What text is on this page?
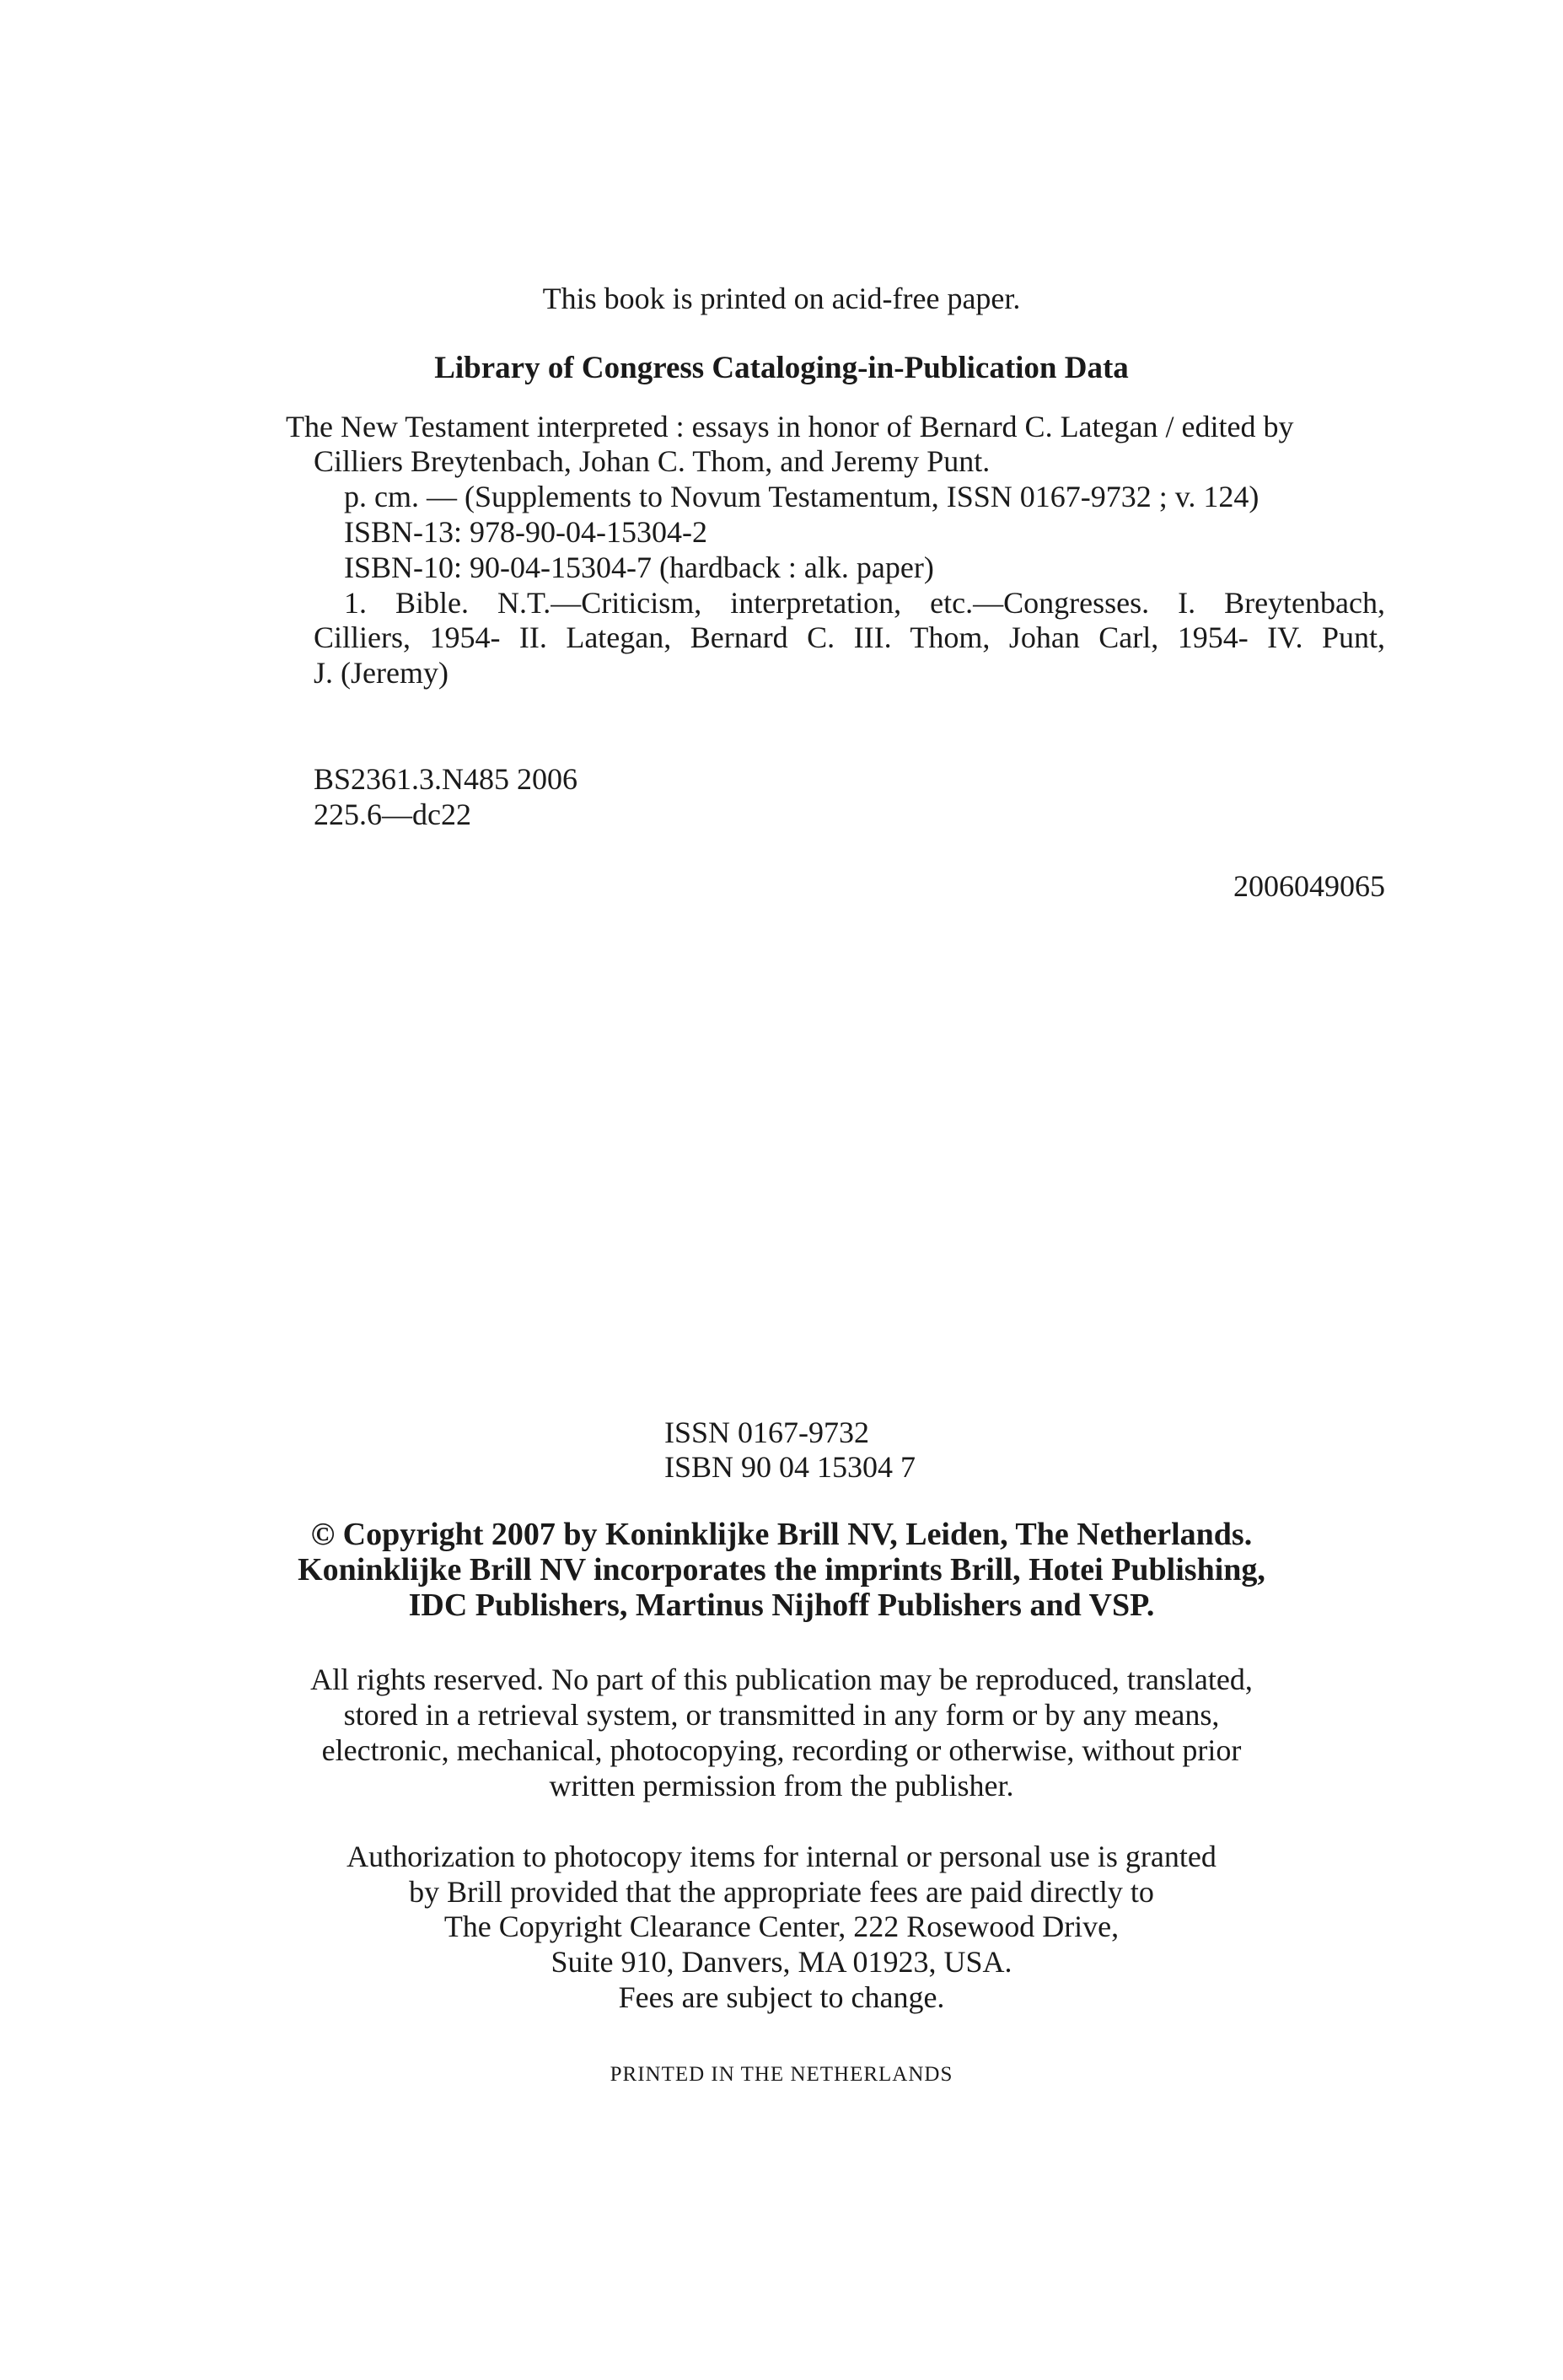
This book is printed on acid-free paper.
Library of Congress Cataloging-in-Publication Data
The New Testament interpreted : essays in honor of Bernard C. Lategan / edited by
Cilliers Breytenbach, Johan C. Thom, and Jeremy Punt.
p. cm. — (Supplements to Novum Testamentum, ISSN 0167-9732 ; v. 124)
ISBN-13: 978-90-04-15304-2
ISBN-10: 90-04-15304-7 (hardback : alk. paper)
1. Bible. N.T.—Criticism, interpretation, etc.—Congresses. I. Breytenbach,
Cilliers, 1954- II. Lategan, Bernard C. III. Thom, Johan Carl, 1954- IV. Punt,
J. (Jeremy)
BS2361.3.N485 2006
225.6—dc22
2006049065
ISSN 0167-9732
ISBN 90 04 15304 7
© Copyright 2007 by Koninklijke Brill NV, Leiden, The Netherlands.
Koninklijke Brill NV incorporates the imprints Brill, Hotei Publishing,
IDC Publishers, Martinus Nijhoff Publishers and VSP.
All rights reserved. No part of this publication may be reproduced, translated,
stored in a retrieval system, or transmitted in any form or by any means,
electronic, mechanical, photocopying, recording or otherwise, without prior
written permission from the publisher.
Authorization to photocopy items for internal or personal use is granted
by Brill provided that the appropriate fees are paid directly to
The Copyright Clearance Center, 222 Rosewood Drive,
Suite 910, Danvers, MA 01923, USA.
Fees are subject to change.
PRINTED IN THE NETHERLANDS
